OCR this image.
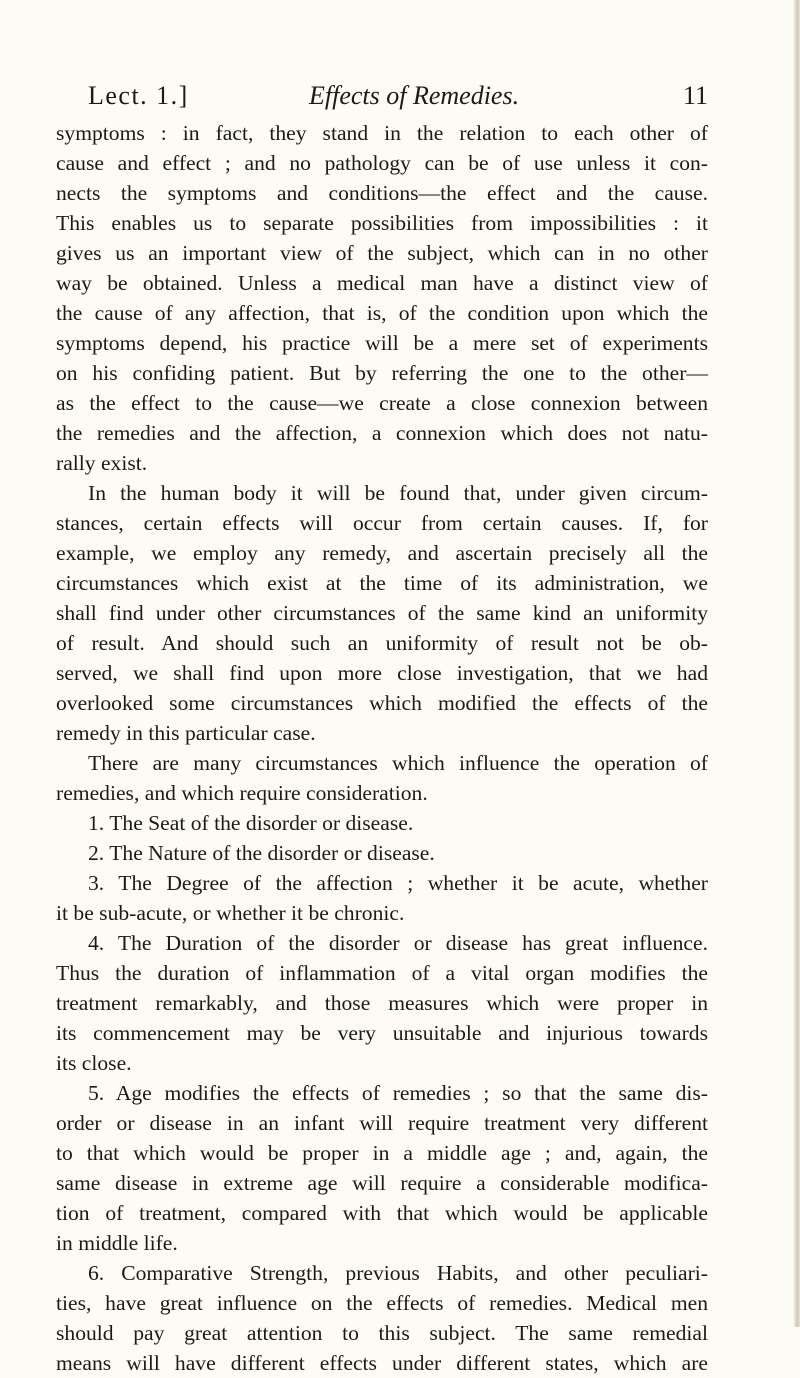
Lect. 1.]	Effects of Remedies.	11

symptoms : in fact, they stand in the relation to each other of

cause and effect ; and no pathology can be of use unless it con-

nects the symptoms and conditions—the effect and the cause.

This enables us to separate possibilities from impossibilities : it

gives us an important view of the subject, which can in no other

way be obtained. Unless a medical man have a distinct view of

the cause of any affection, that is, of the condition upon which the

symptoms depend, his practice will be a mere set of experiments

on his confiding patient. But by referring the one to the other—

as the effect to the cause—we create a close connexion between

the remedies and the affection, a connexion which does not natu-

rally exist.

In the human body it will be found that, under given circum-

stances, certain effects will occur from certain causes. If, for

example, we employ any remedy, and ascertain precisely all the

circumstances which exist at the time of its administration, we

shall find under other circumstances of the same kind an uniformity

of result. And should such an uniformity of result not be ob-

served, we shall find upon more close investigation, that we had

overlooked some circumstances which modified the effects of the

remedy in this particular case.

There are many circumstances which influence the operation of

remedies, and which require consideration.

1. The Seat of the disorder or disease.

2. The Nature of the disorder or disease.

3. The Degree of the affection ; whether it be acute, whether

it be sub-acute, or whether it be chronic.

4. The Duration of the disorder or disease has great influence.

Thus the duration of inflammation of a vital organ modifies the

treatment remarkably, and those measures which were proper in

its commencement may be very unsuitable and injurious towards

its close.

5. Age modifies the effects of remedies ; so that the same dis-

order or disease in an infant will require treatment very different

to that which would be proper in a middle age ; and, again, the

same disease in extreme age will require a considerable modifica-

tion of treatment, compared with that which would be applicable

in middle life.

6. Comparative Strength, previous Habits, and other peculiari-

ties, have great influence on the effects of remedies. Medical men

should pay great attention to this subject. The same remedial

means will have different effects under different states, which are
